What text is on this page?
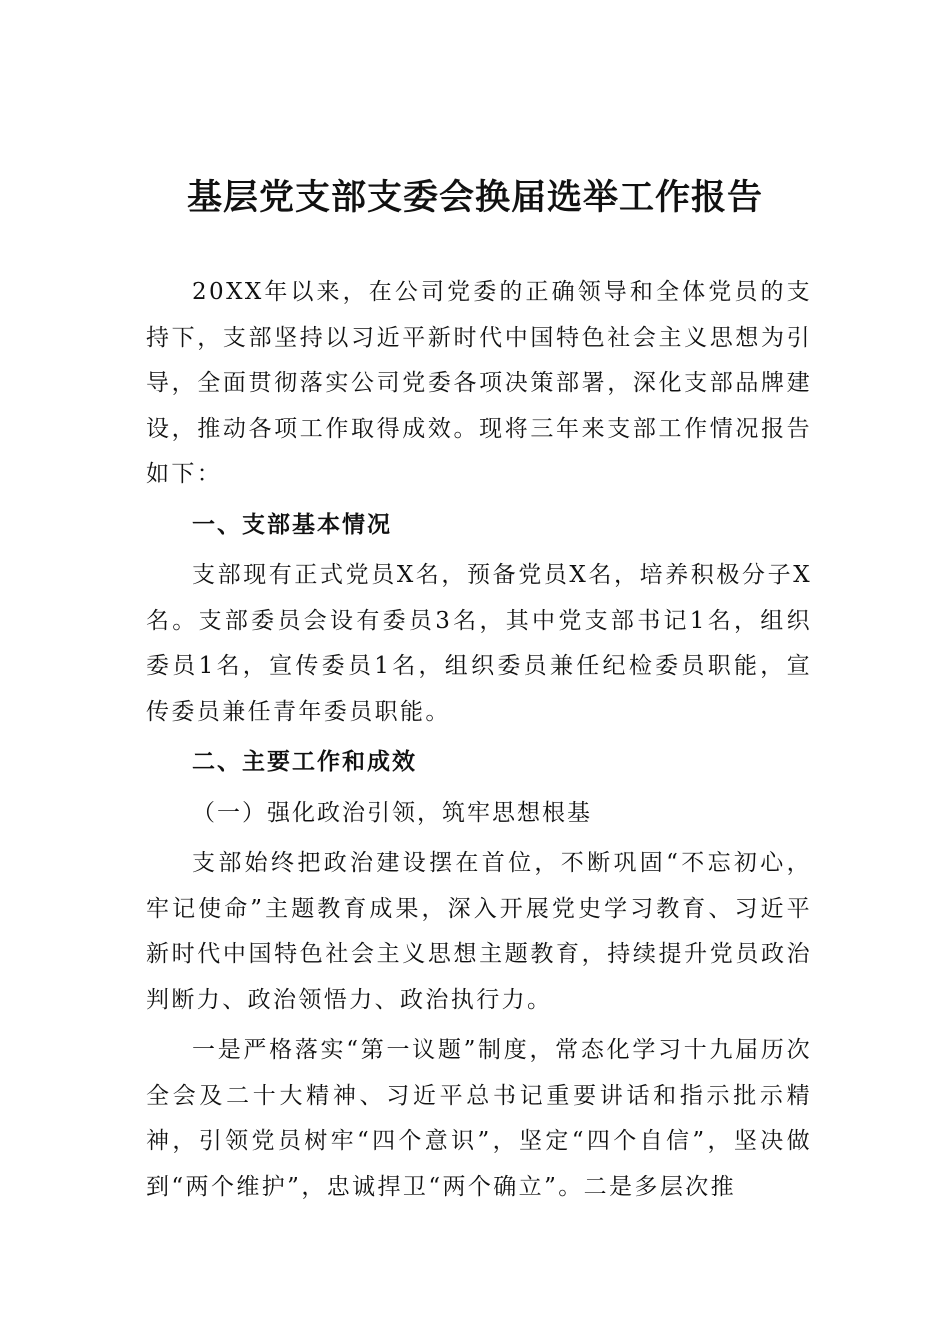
基层党支部支委会换届选举工作报告

20XX年以来，在公司党委的正确领导和全体党员的支持下，支部坚持以习近平新时代中国特色社会主义思想为引导，全面贯彻落实公司党委各项决策部署，深化支部品牌建设，推动各项工作取得成效。现将三年来支部工作情况报告如下：

一、支部基本情况

支部现有正式党员X名，预备党员X名，培养积极分子X名。支部委员会设有委员3名，其中党支部书记1名，组织委员1名，宣传委员1名，组织委员兼任纪检委员职能，宣传委员兼任青年委员职能。

二、主要工作和成效
（一）强化政治引领，筑牢思想根基

支部始终把政治建设摆在首位，不断巩固“不忘初心，牢记使命”主题教育成果，深入开展党史学习教育、习近平新时代中国特色社会主义思想主题教育，持续提升党员政治判断力、政治领悟力、政治执行力。

一是严格落实“第一议题”制度，常态化学习十九届历次全会及二十大精神、习近平总书记重要讲话和指示批示精神，引领党员树牢“四个意识”，坚定“四个自信”，坚决做到“两个维护”，忠诚捍卫“两个确立”。二是多层次推
